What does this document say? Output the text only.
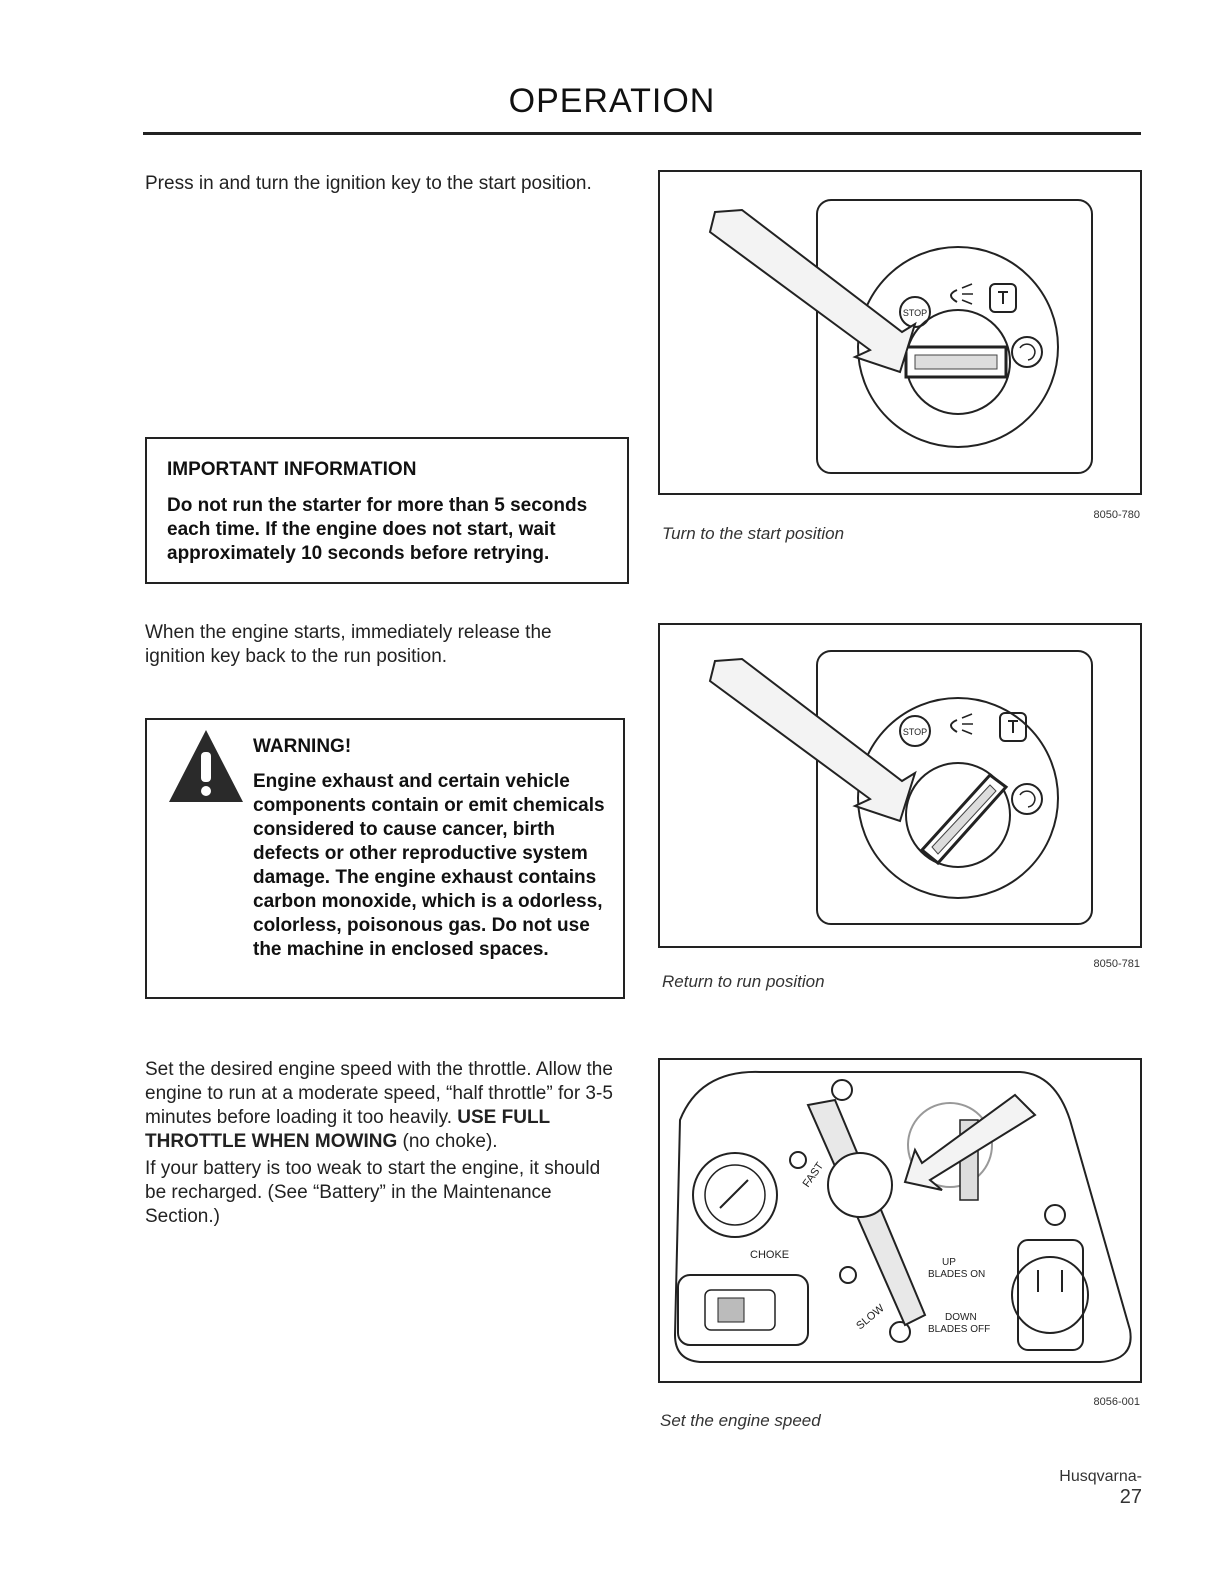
OPERATION
Press in and turn the ignition key to the start position.
IMPORTANT INFORMATION
Do not run the starter for more than 5 seconds each time. If the engine does not start, wait approximately 10 seconds before retrying.
When the engine starts, immediately release the ignition key back to the run position.
WARNING!
Engine exhaust and certain vehicle components contain or emit chemicals considered to cause cancer, birth defects or other reproductive system damage. The engine exhaust contains carbon monoxide, which is a odorless, colorless, poisonous gas. Do not use the machine in enclosed spaces.
Set the desired engine speed with the throttle. Allow the engine to run at a moderate speed, “half throttle” for 3-5 minutes before loading it too heavily. USE FULL THROTTLE WHEN MOWING (no choke).
If your battery is too weak to start the engine, it should be recharged. (See “Battery” in the Maintenance Section.)
STOP
8050-780
Turn to the start position
STOP
8050-781
Return to run position
FAST
SLOW
CHOKE
UP
BLADES ON
DOWN
BLADES OFF
8056-001
Set the engine speed
Husqvarna-27
